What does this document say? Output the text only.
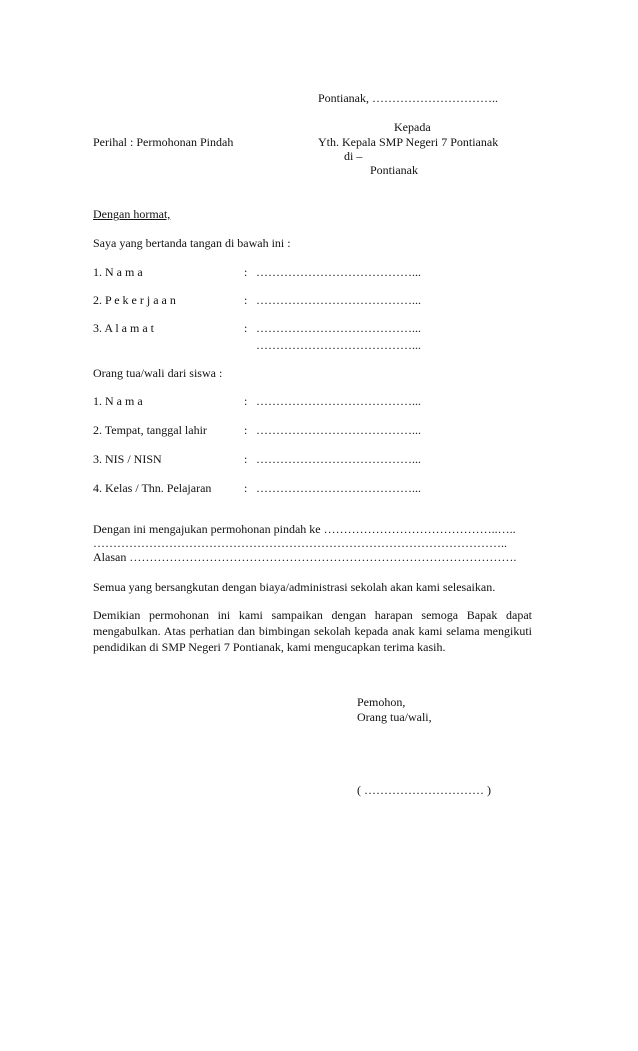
Pontianak, …………………………..
Kepada
Perihal : Permohonan Pindah	Yth. Kepala SMP Negeri 7 Pontianak
di –
Pontianak
Dengan hormat,
Saya yang bertanda tangan di bawah ini :
1. N a m a	: …………………………………...
2. P e k e r j a a n	: …………………………………...
3. A l a m a t	: …………………………………...
…………………………………...
Orang tua/wali dari siswa :
1. N a m a	: …………………………………...
2. Tempat, tanggal lahir	: …………………………………...
3. NIS / NISN	: …………………………………...
4. Kelas / Thn. Pelajaran	: …………………………………...
Dengan ini mengajukan permohonan pindah ke ……………………………………..…..
…………………………………………………………………………………………..
Alasan …………………………………………………………………………………….
Semua yang bersangkutan dengan biaya/administrasi sekolah akan kami selesaikan.
Demikian permohonan ini kami sampaikan dengan harapan semoga Bapak dapat mengabulkan. Atas perhatian dan bimbingan sekolah kepada anak kami selama mengikuti pendidikan di SMP Negeri 7 Pontianak, kami mengucapkan terima kasih.
Pemohon,
Orang tua/wali,
( ………………………… )
